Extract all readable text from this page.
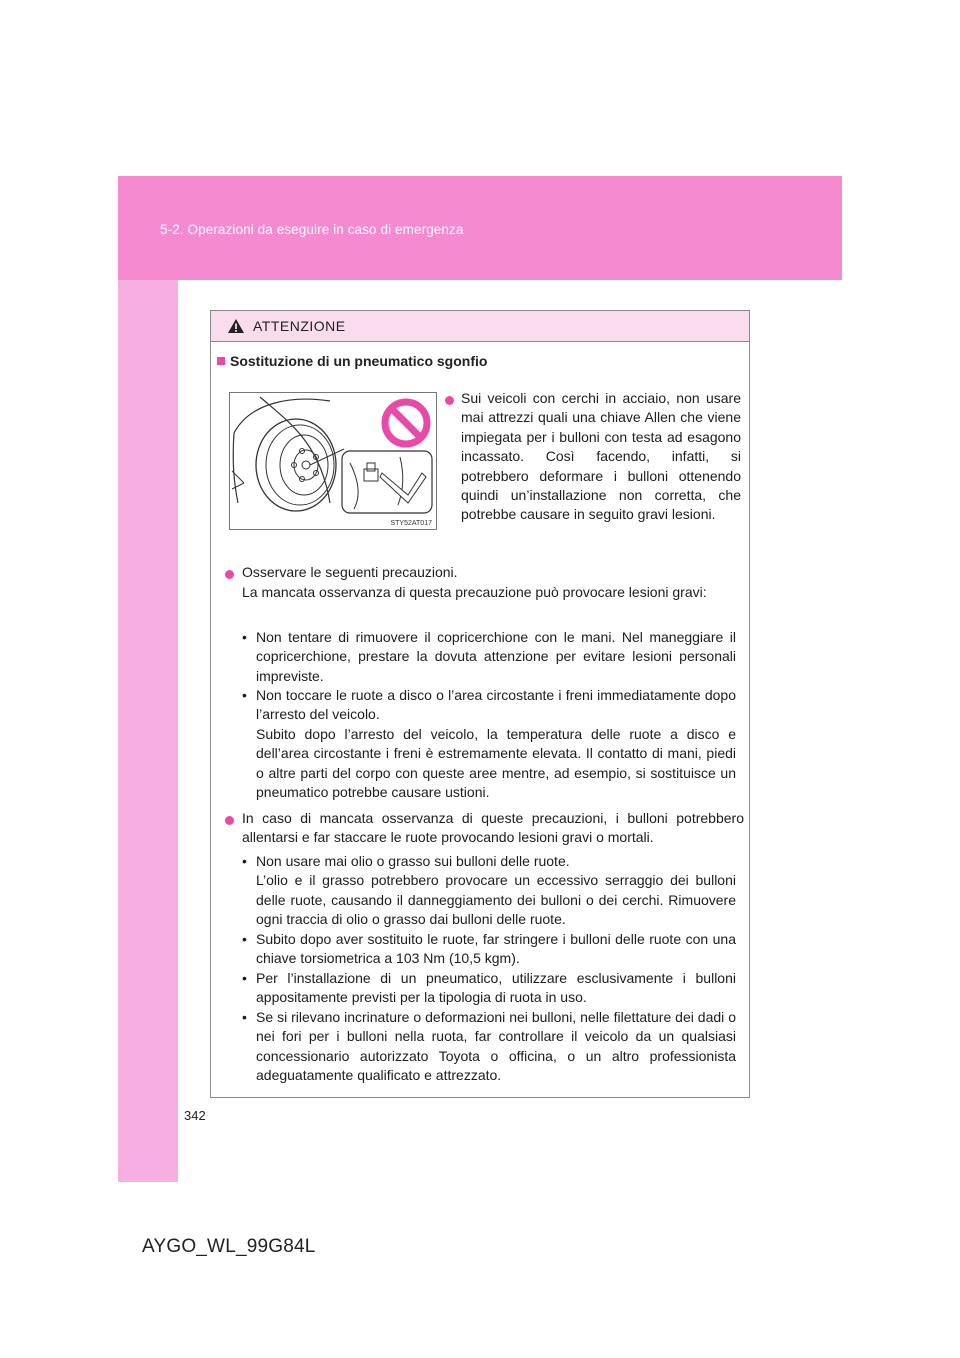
5-2. Operazioni da eseguire in caso di emergenza
ATTENZIONE
Sostituzione di un pneumatico sgonfio
STY52AT017
Sui veicoli con cerchi in acciaio, non usare mai attrezzi quali una chiave Allen che viene impiegata per i bulloni con testa ad esagono incassato. Così facendo, infatti, si potrebbero deformare i bulloni ottenendo quindi un’installazione non corretta, che potrebbe causare in seguito gravi lesioni.
Osservare le seguenti precauzioni.
La mancata osservanza di questa precauzione può provocare lesioni gravi:
• Non tentare di rimuovere il copricerchione con le mani. Nel maneggiare il copricerchione, prestare la dovuta attenzione per evitare lesioni personali impreviste.
• Non toccare le ruote a disco o l’area circostante i freni immediatamente dopo l’arresto del veicolo.
Subito dopo l’arresto del veicolo, la temperatura delle ruote a disco e dell’area circostante i freni è estremamente elevata. Il contatto di mani, piedi o altre parti del corpo con queste aree mentre, ad esempio, si sostituisce un pneumatico potrebbe causare ustioni.
In caso di mancata osservanza di queste precauzioni, i bulloni potrebbero allentarsi e far staccare le ruote provocando lesioni gravi o mortali.
• Non usare mai olio o grasso sui bulloni delle ruote.
L’olio e il grasso potrebbero provocare un eccessivo serraggio dei bulloni delle ruote, causando il danneggiamento dei bulloni o dei cerchi. Rimuovere ogni traccia di olio o grasso dai bulloni delle ruote.
• Subito dopo aver sostituito le ruote, far stringere i bulloni delle ruote con una chiave torsiometrica a 103 Nm (10,5 kgm).
• Per l’installazione di un pneumatico, utilizzare esclusivamente i bulloni appositamente previsti per la tipologia di ruota in uso.
• Se si rilevano incrinature o deformazioni nei bulloni, nelle filettature dei dadi o nei fori per i bulloni nella ruota, far controllare il veicolo da un qualsiasi concessionario autorizzato Toyota o officina, o un altro professionista adeguatamente qualificato e attrezzato.
342
AYGO_WL_99G84L
